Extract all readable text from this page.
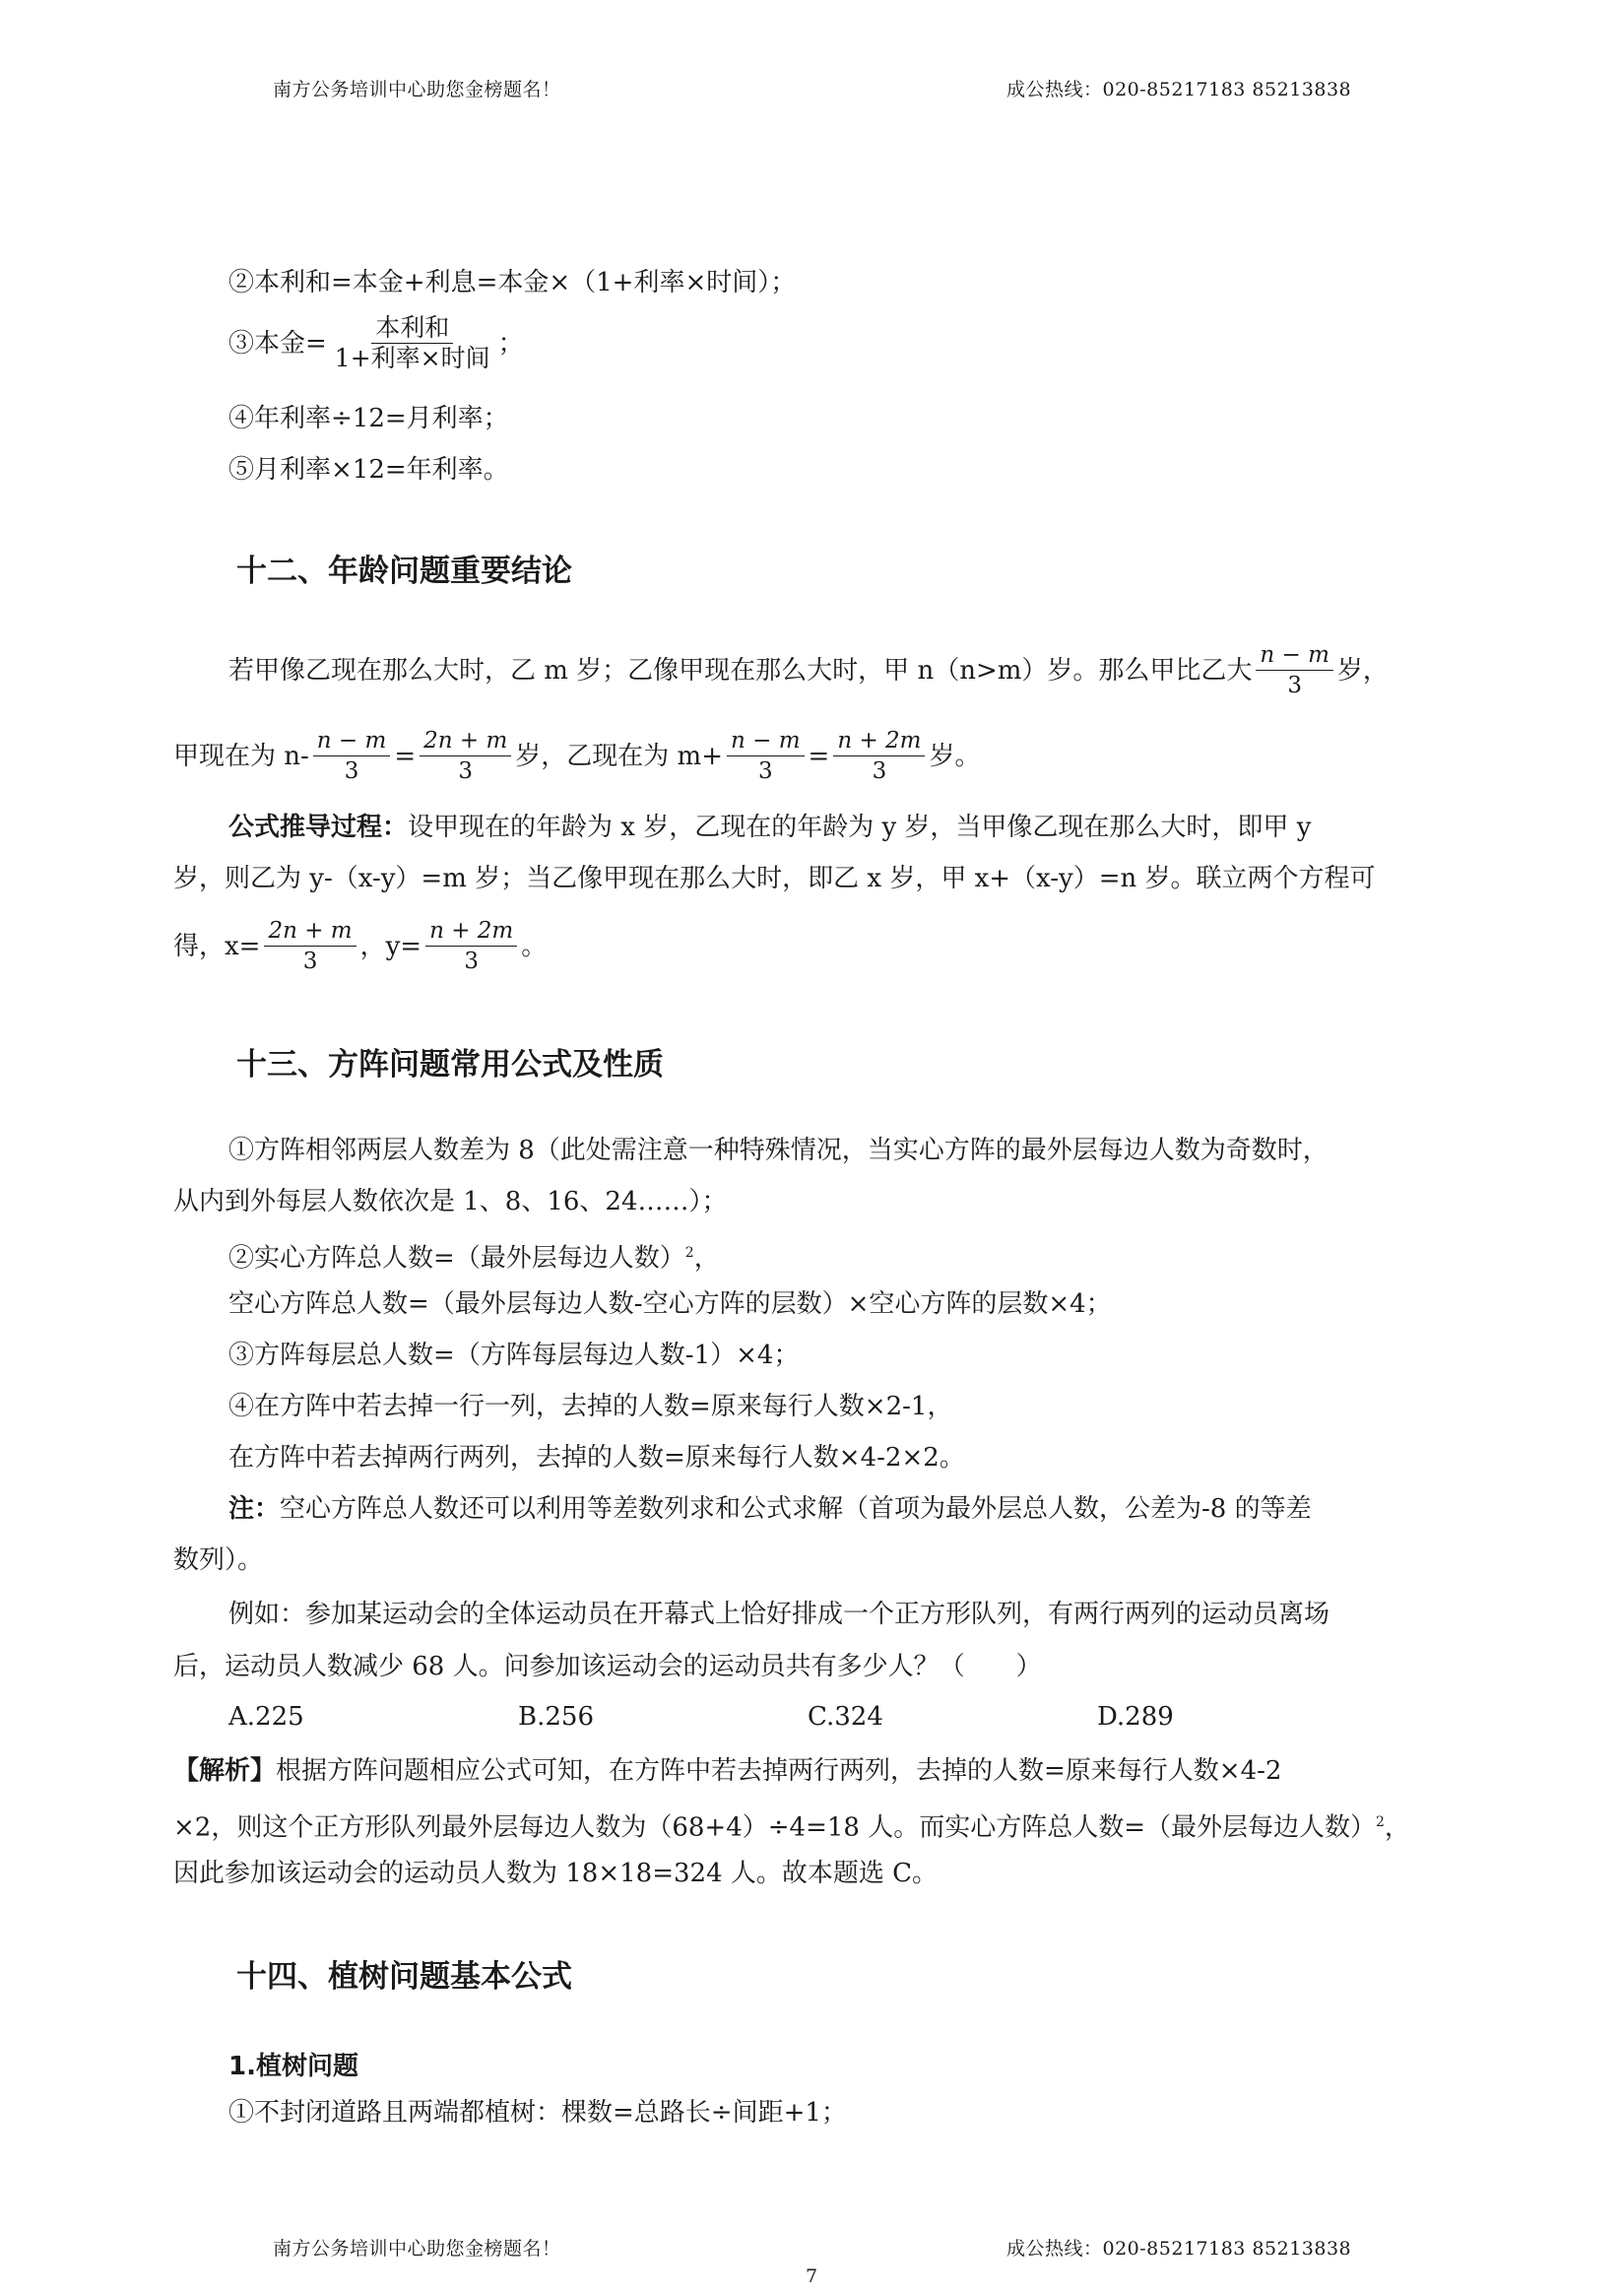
南方公务培训中心助您金榜题名！	成公热线：020-85217183 85213838
②本利和=本金+利息=本金×（1+利率×时间）；
③本金= $\frac{\text{本利和}}{\text{1+利率×时间}}$ ；
④年利率÷12=月利率；
⑤月利率×12=年利率。
十二、年龄问题重要结论
若甲像乙现在那么大时，乙 m 岁；乙像甲现在那么大时，甲 n（n>m）岁。那么甲比乙大 $\frac{n - m}{3}$ 岁，
甲现在为 $n- \frac{n - m}{3} = \frac{2n + m}{3}$ 岁，乙现在为 $m+ \frac{n - m}{3} = \frac{n + 2m}{3}$ 岁。
公式推导过程：设甲现在的年龄为 x 岁，乙现在的年龄为 y 岁，当甲像乙现在那么大时，即甲 y
岁，则乙为 y-（x-y）=m 岁；当乙像甲现在那么大时，即乙 x 岁，甲 x+（x-y）=n 岁。联立两个方程可
得，$x= \frac{2n + m}{3}$ ，$y= \frac{n + 2m}{3}$ 。
十三、方阵问题常用公式及性质
①方阵相邻两层人数差为 8（此处需注意一种特殊情况，当实心方阵的最外层每边人数为奇数时，
从内到外每层人数依次是 1、8、16、24……）；
②实心方阵总人数=（最外层每边人数）$^2$，
空心方阵总人数=（最外层每边人数-空心方阵的层数）×空心方阵的层数×4；
③方阵每层总人数=（方阵每层每边人数-1）×4；
④在方阵中若去掉一行一列，去掉的人数=原来每行人数×2-1，
在方阵中若去掉两行两列，去掉的人数=原来每行人数×4-2×2。
注：空心方阵总人数还可以利用等差数列求和公式求解（首项为最外层总人数，公差为-8 的等差
数列）。
例如：参加某运动会的全体运动员在开幕式上恰好排成一个正方形队列，有两行两列的运动员离场
后，运动员人数减少 68 人。问参加该运动会的运动员共有多少人？（　　）
A.225	B.256	C.324	D.289
【解析】根据方阵问题相应公式可知，在方阵中若去掉两行两列，去掉的人数=原来每行人数×4-2
×2，则这个正方形队列最外层每边人数为（68+4）÷4=18 人。而实心方阵总人数=（最外层每边人数）$^2$，
因此参加该运动会的运动员人数为 18×18=324 人。故本题选 C。
十四、植树问题基本公式
1.植树问题
①不封闭道路且两端都植树：棵数=总路长÷间距+1；
南方公务培训中心助您金榜题名！	成公热线：020-85217183 85213838
7
